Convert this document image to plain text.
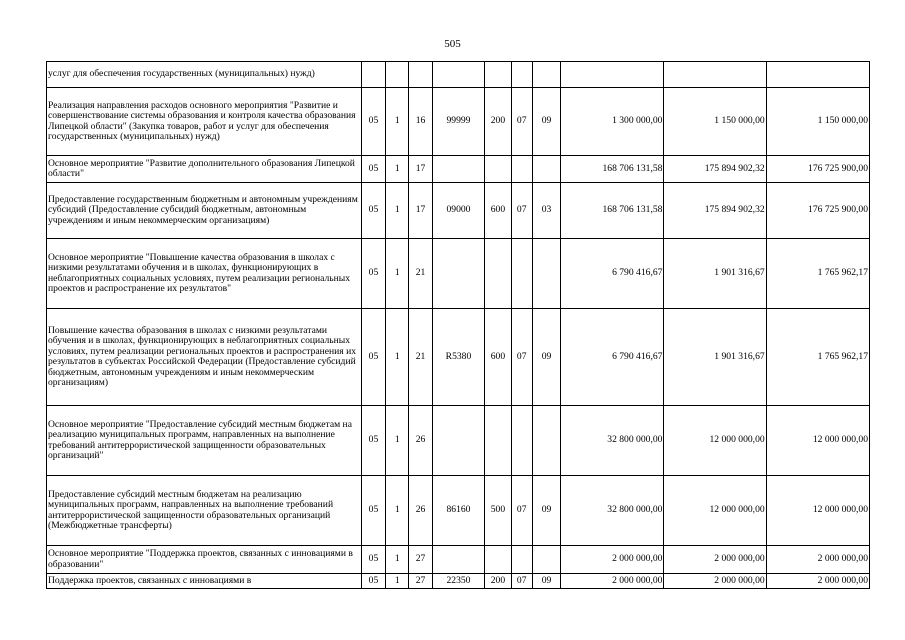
505
услуг для обеспечения государственных (муниципальных) нужд)										
Реализация направления расходов основного мероприятия "Развитие и совершенствование системы образования и контроля качества образования Липецкой области" (Закупка товаров, работ и услуг для обеспечения государственных (муниципальных) нужд)	05	1	16	99999	200	07	09	1 300 000,00	1 150 000,00	1 150 000,00
Основное мероприятие "Развитие дополнительного образования Липецкой области"	05	1	17					168 706 131,58	175 894 902,32	176 725 900,00
Предоставление государственным бюджетным и автономным учреждениям субсидий (Предоставление субсидий бюджетным, автономным учреждениям и иным некоммерческим организациям)	05	1	17	09000	600	07	03	168 706 131,58	175 894 902,32	176 725 900,00
Основное мероприятие "Повышение качества образования в школах с низкими результатами обучения и в школах, функционирующих в неблагоприятных социальных условиях, путем реализации региональных проектов и распространение их результатов"	05	1	21					6 790 416,67	1 901 316,67	1 765 962,17
Повышение качества образования в школах с низкими результатами обучения и в школах, функционирующих в неблагоприятных социальных условиях, путем реализации региональных проектов и распространения их результатов в субъектах Российской Федерации (Предоставление субсидий бюджетным, автономным учреждениям и иным некоммерческим организациям)	05	1	21	R5380	600	07	09	6 790 416,67	1 901 316,67	1 765 962,17
Основное мероприятие "Предоставление субсидий местным бюджетам на реализацию муниципальных программ, направленных на выполнение требований антитеррористической защищенности образовательных организаций"	05	1	26					32 800 000,00	12 000 000,00	12 000 000,00
Предоставление субсидий местным бюджетам на реализацию муниципальных программ, направленных на выполнение требований антитеррористической защищенности образовательных организаций (Межбюджетные трансферты)	05	1	26	86160	500	07	09	32 800 000,00	12 000 000,00	12 000 000,00
Основное мероприятие "Поддержка проектов, связанных с инновациями в образовании"	05	1	27					2 000 000,00	2 000 000,00	2 000 000,00
Поддержка проектов, связанных с инновациями в	05	1	27	22350	200	07	09	2 000 000,00	2 000 000,00	2 000 000,00
